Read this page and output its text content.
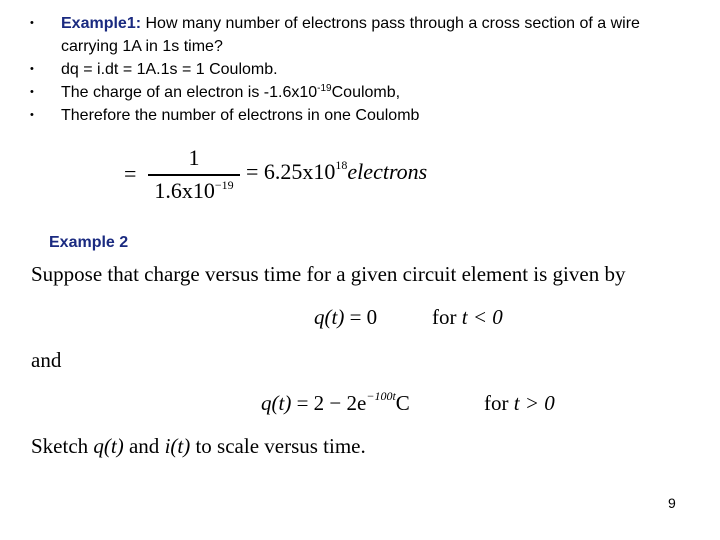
• Example1: How many number of electrons pass through a cross section of a wire carrying 1A in 1s time?
• dq = i.dt = 1A.1s = 1 Coulomb.
• The charge of an electron is $-1.6x10^{-19}Coulomb$,
• Therefore the number of electrons in one Coulomb
=
1
$1.6x10^{-19}$
= $6.25x10^{18}electrons$
Example 2
Suppose that charge versus time for a given circuit element is given by
q(t) = 0	for t < 0
and
$q(t) = 2 - 2e^{-100t}C$	for t > 0
Sketch q(t) and i(t) to scale versus time.
9
